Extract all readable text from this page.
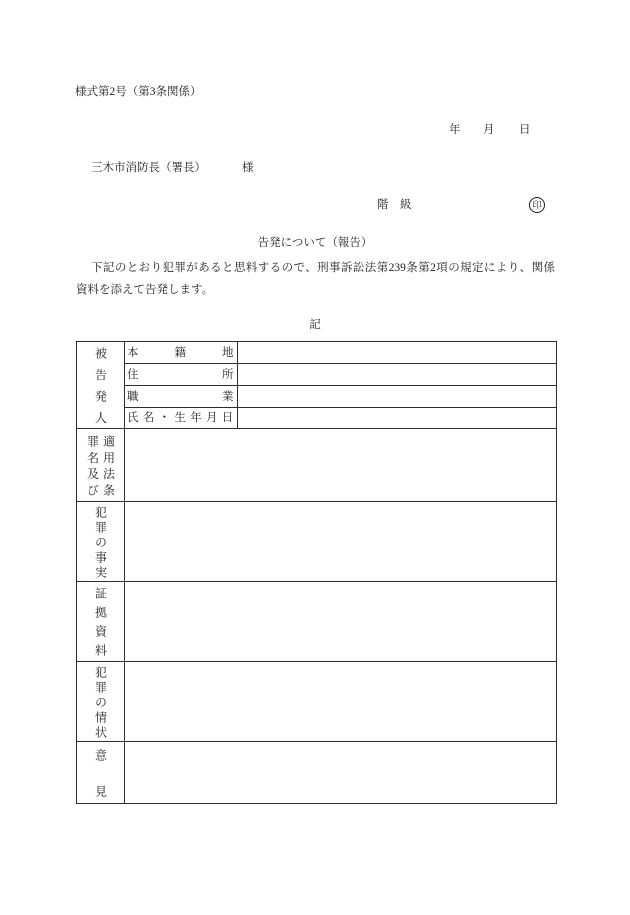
様式第2号（第3条関係）
年 月 日
三木市消防長（署長）	様
階　級	印
告発について（報告）
下記のとおり犯罪があると思料するので、刑事訴訟法第239条第2項の規定により、関係
資料を添えて告発します。
記
被告発人	本籍地	
	住所	
	職業	
	氏名・生年月日	

罪名及び 適用法条		

犯罪の事実		

証拠資料		

犯罪の情状		

意見		
